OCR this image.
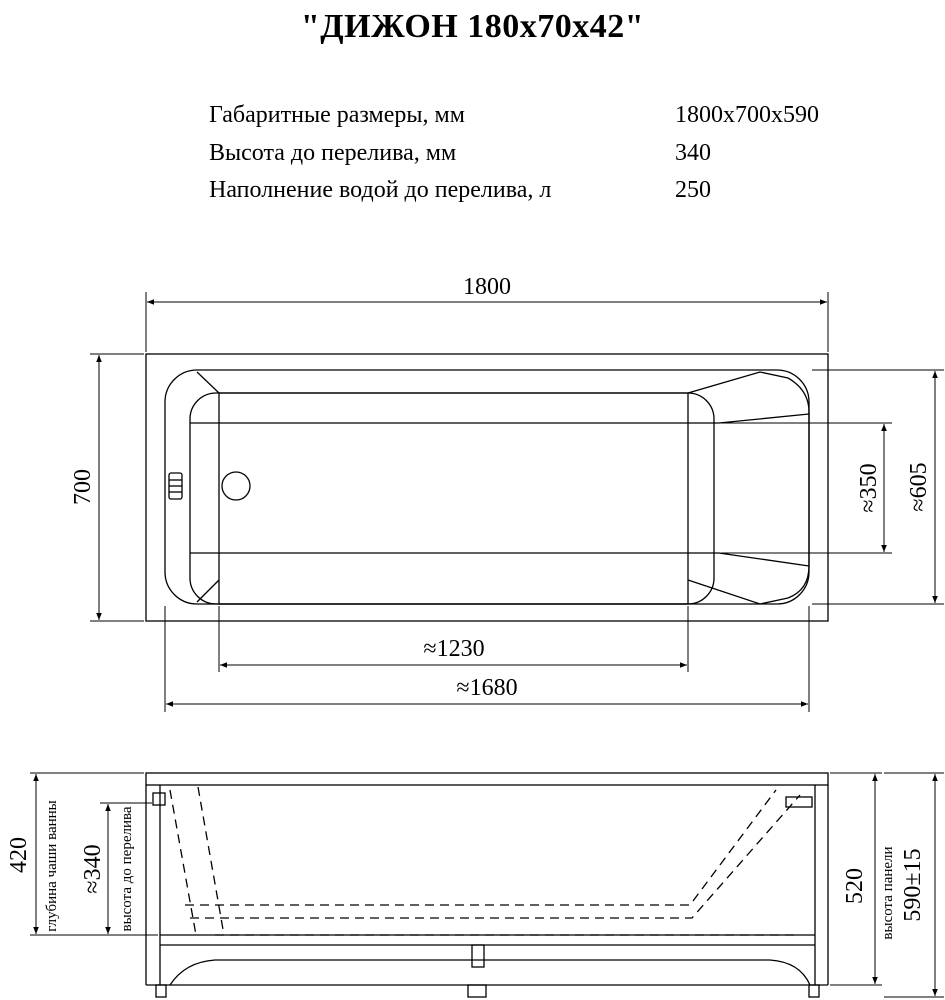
"ДИЖОН 180х70х42"
Габаритные размеры, мм	1800х700х590
Высота до перелива, мм	340
Наполнение водой до перелива, л	250
1800
700	≈605
≈350
≈1230
≈1680
420 глубина чаши ванны ≈340 высота до перелива	520 высота панели 590±15
